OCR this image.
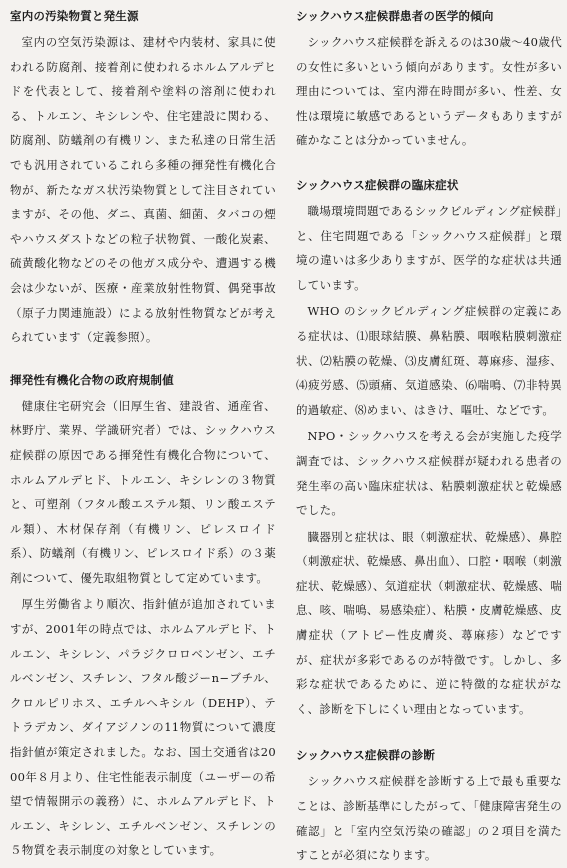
室内の汚染物質と発生源

室内の空気汚染源は、建材や内装材、家具に使われる防腐剤、接着剤に使われるホルムアルデヒドを代表として、接着剤や塗料の溶剤に使われる、トルエン、キシレンや、住宅建設に関わる、防腐剤、防蟻剤の有機リン、また私達の日常生活でも汎用されているこれら多種の揮発性有機化合物が、新たなガス状汚染物質として注目されていますが、その他、ダニ、真菌、細菌、タバコの煙やハウスダストなどの粒子状物質、一酸化炭素、硫黄酸化物などのその他ガス成分や、遭遇する機会は少ないが、医療・産業放射性物質、偶発事故（原子力関連施設）による放射性物質などが考えられています（定義参照）。

揮発性有機化合物の政府規制値

健康住宅研究会（旧厚生省、建設省、通産省、林野庁、業界、学識研究者）では、シックハウス症候群の原因である揮発性有機化合物について、ホルムアルデヒド、トルエン、キシレンの３物質と、可塑剤（フタル酸エステル類、リン酸エステル類）、木材保存剤（有機リン、ピレスロイド系）、防蟻剤（有機リン、ピレスロイド系）の３薬剤について、優先取組物質として定めています。

厚生労働省より順次、指針値が追加されていますが、2001年の時点では、ホルムアルデヒド、トルエン、キシレン、パラジクロロベンゼン、エチルベンゼン、スチレン、フタル酸ジーn−ブチル、クロルピリホス、エチルヘキシル（DEHP）、テトラデカン、ダイアジノンの11物質について濃度指針値が策定されました。なお、国土交通省は2000年８月より、住宅性能表示制度（ユーザーの希望で情報開示の義務）に、ホルムアルデヒド、トルエン、キシレン、エチルベンゼン、スチレンの５物質を表示制度の対象としています。

シックハウス症候群患者の医学的傾向

シックハウス症候群を訴えるのは30歳〜40歳代の女性に多いという傾向があります。女性が多い理由については、室内滞在時間が多い、性差、女性は環境に敏感であるというデータもありますが確かなことは分かっていません。

シックハウス症候群の臨床症状

職場環境問題であるシックビルディング症候群」と、住宅問題である「シックハウス症候群」と環境の違いは多少ありますが、医学的な症状は共通しています。

WHO のシックビルディング症候群の定義にある症状は、⑴眼球結膜、鼻粘膜、咽喉粘膜刺激症状、⑵粘膜の乾燥、⑶皮膚紅斑、蕁麻疹、湿疹、⑷疲労感、⑸頭痛、気道感染、⑹喘鳴、⑺非特異的過敏症、⑻めまい、はきけ、嘔吐、などです。

NPO・シックハウスを考える会が実施した疫学調査では、シックハウス症候群が疑われる患者の発生率の高い臨床症状は、粘膜刺激症状と乾燥感でした。

臓器別と症状は、眼（刺激症状、乾燥感）、鼻腔（刺激症状、乾燥感、鼻出血）、口腔・咽喉（刺激症状、乾燥感）、気道症状（刺激症状、乾燥感、喘息、咳、喘鳴、易感染症）、粘膜・皮膚乾燥感、皮膚症状（アトピー性皮膚炎、蕁麻疹）などですが、症状が多彩であるのが特徴です。しかし、多彩な症状であるために、逆に特徴的な症状がなく、診断を下しにくい理由となっています。

シックハウス症候群の診断

シックハウス症候群を診断する上で最も重要なことは、診断基準にしたがって、「健康障害発生の確認」と「室内空気汚染の確認」の２項目を満たすことが必須になります。
